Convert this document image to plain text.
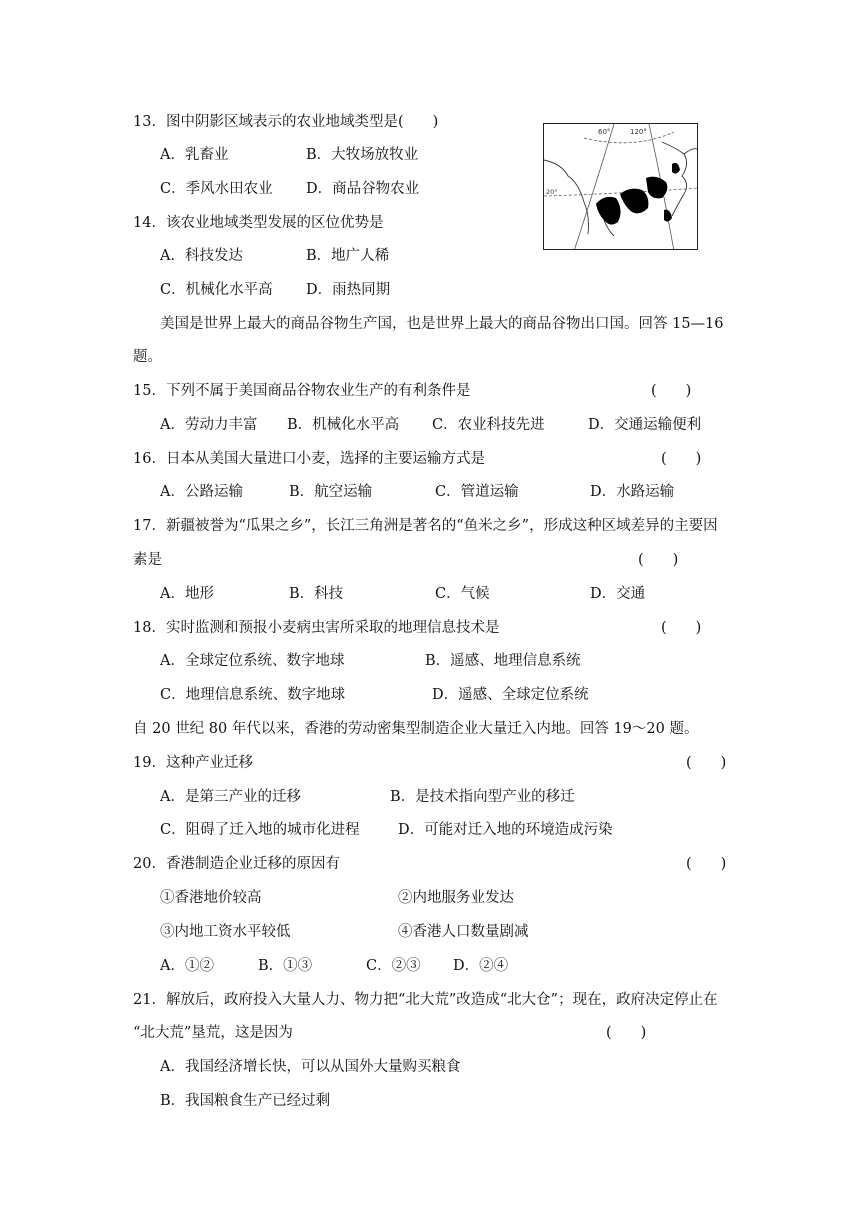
13．图中阴影区域表示的农业地域类型是(　　)
A．乳畜业	B．大牧场放牧业
C．季风水田农业 D．商品谷物农业
14．该农业地域类型发展的区位优势是
A．科技发达	B．地广人稀
C．机械化水平高 D．雨热同期
60°	120°
20°
美国是世界上最大的商品谷物生产国，也是世界上最大的商品谷物出口国。回答 15—16
题。
15．下列不属于美国商品谷物农业生产的有利条件是	(　　)
A．劳动力丰富 B．机械化水平高 C．农业科技先进	D．交通运输便利
16．日本从美国大量进口小麦，选择的主要运输方式是	(　　)
A．公路运输	B．航空运输	C．管道运输	D．水路运输
17．新疆被誉为“瓜果之乡”，长江三角洲是著名的“鱼米之乡”，形成这种区域差异的主要因
素是	(　　)
A．地形	B．科技	C．气候	D．交通
18．实时监测和预报小麦病虫害所采取的地理信息技术是	(　　)
A．全球定位系统、数字地球	B．遥感、地理信息系统
C．地理信息系统、数字地球	D．遥感、全球定位系统
自 20 世纪 80 年代以来，香港的劳动密集型制造企业大量迁入内地。回答 19～20 题。
19．这种产业迁移	(　　)
A．是第三产业的迁移	B．是技术指向型产业的移迁
C．阻碍了迁入地的城市化进程	D．可能对迁入地的环境造成污染
20．香港制造企业迁移的原因有	(　　)
①香港地价较高	②内地服务业发达
③内地工资水平较低	④香港人口数量剧减
A．①②	B．①③	C．②③ D．②④
21．解放后，政府投入大量人力、物力把“北大荒”改造成“北大仓”；现在，政府决定停止在
“北大荒”垦荒，这是因为	(　　)
A．我国经济增长快，可以从国外大量购买粮食
B．我国粮食生产已经过剩
